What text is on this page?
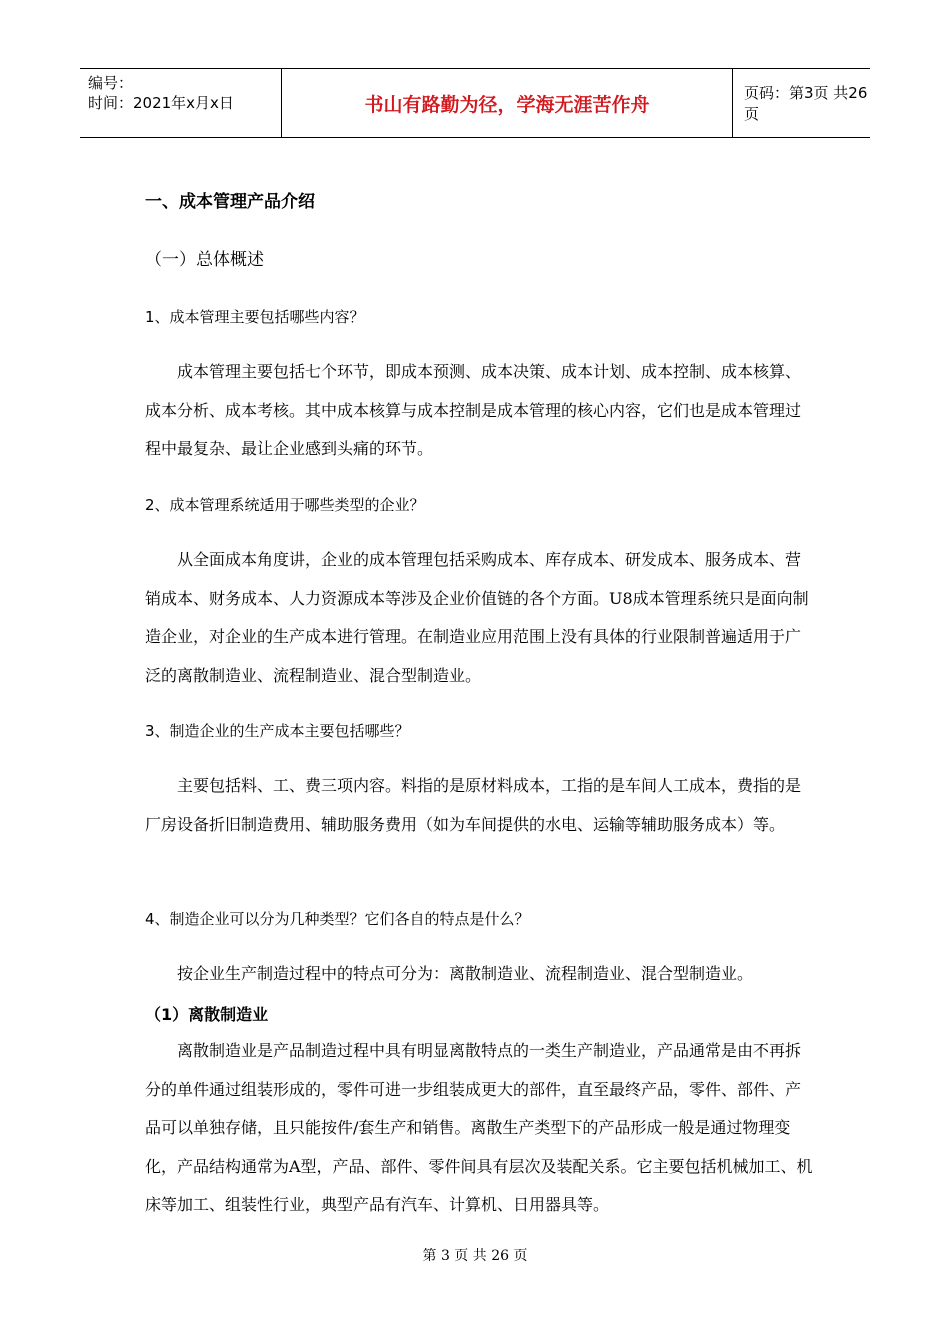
编号：
时间：2021年x月x日	书山有路勤为径，学海无涯苦作舟
页码：第3页 共26页
一、成本管理产品介绍
（一）总体概述
1、成本管理主要包括哪些内容？
成本管理主要包括七个环节，即成本预测、成本决策、成本计划、成本控制、成本核算、成本分析、成本考核。其中成本核算与成本控制是成本管理的核心内容，它们也是成本管理过程中最复杂、最让企业感到头痛的环节。
2、成本管理系统适用于哪些类型的企业？
从全面成本角度讲，企业的成本管理包括采购成本、库存成本、研发成本、服务成本、营销成本、财务成本、人力资源成本等涉及企业价值链的各个方面。U8成本管理系统只是面向制造企业，对企业的生产成本进行管理。在制造业应用范围上没有具体的行业限制普遍适用于广泛的离散制造业、流程制造业、混合型制造业。
3、制造企业的生产成本主要包括哪些？
主要包括料、工、费三项内容。料指的是原材料成本，工指的是车间人工成本，费指的是厂房设备折旧制造费用、辅助服务费用（如为车间提供的水电、运输等辅助服务成本）等。
4、制造企业可以分为几种类型？它们各自的特点是什么？
按企业生产制造过程中的特点可分为：离散制造业、流程制造业、混合型制造业。
（1）离散制造业
离散制造业是产品制造过程中具有明显离散特点的一类生产制造业，产品通常是由不再拆分的单件通过组装形成的，零件可进一步组装成更大的部件，直至最终产品，零件、部件、产品可以单独存储，且只能按件/套生产和销售。离散生产类型下的产品形成一般是通过物理变化，产品结构通常为A型，产品、部件、零件间具有层次及装配关系。它主要包括机械加工、机床等加工、组装性行业，典型产品有汽车、计算机、日用器具等。
第 3 页 共 26 页
